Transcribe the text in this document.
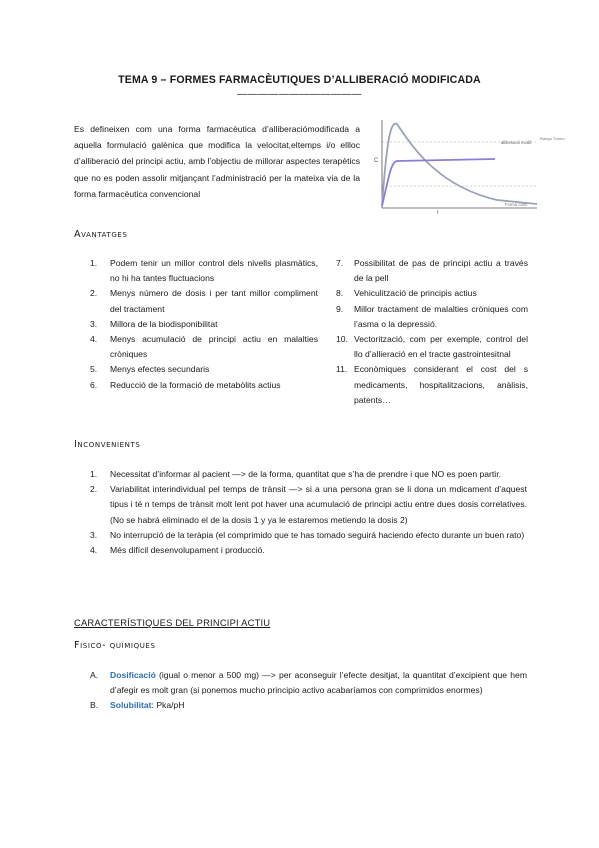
TEMA 9 – FORMES FARMACÈUTIQUES D’ALLIBERACIÓ MODIFICADA
————————————
Es defineixen com una forma farmacèutica d’alliberaciómodificada a aquella formulació galènica que modifica la velocitat,eltemps i/o ellloc d’alliberació del principi actiu, amb l’objectiu de millorar aspectes terapètics que no es poden assolir mitjançant l’administració per la mateixa via de la forma farmacèutica convencional
C
t
alliberació modif.
Rango Tóxico
Forma conv.
Avantatges
1. Podem tenir un millor control dels nivells plasmàtics, no hi ha tantes fluctuacions
2. Menys número de dosis i per tant millor compliment del tractament
3. Millora de la biodisponibilitat
4. Menys acumulació de principi actiu en malalties cròniques
5. Menys efectes secundaris
6. Reducció de la formació de metabòlits actius
7. Possibilitat de pas de principi actiu a través de la pell
8. Vehiculització de principis actius
9. Millor tractament de malalties cròniques com l’asma o la depressió.
10. Vectorització, com per exemple, control del llo d’allieració en el tracte gastrointesitnal
11. Econòmiques considerant el cost del s medicaments, hospitalitzacions, anàlisis, patents…
Inconvenients
1. Necessitat d’informar al pacient —> de la forma, quantitat que s’ha de prendre i que NO es poen partir.
2. Variabilitat interindividual pel temps de trànsit —> si a una persona gran se li dona un mdicament d’aquest tipus i té n temps de trànsit molt lent pot haver una acumulació de principi actiu entre dues dosis correlatives. (No se habrá eliminado el de la dosis 1 y ya le estaremos metiendo la dosis 2)
3. No interrupció de la teràpia (el comprimido que te has tomado seguirá haciendo efecto durante un buen rato)
4. Més difícil desenvolupament i producció.
CARACTERÍSTIQUES DEL PRINCIPI ACTIU
Fisico- químiques
A. Dosificació (igual o menor a 500 mg) —> per aconseguir l’efecte desitjat, la quantitat d’excipient que hem d’afegir es molt gran (si ponemos mucho principio activo acabaríamos con comprimidos enormes)
B. Solubilitat: Pka/pH
